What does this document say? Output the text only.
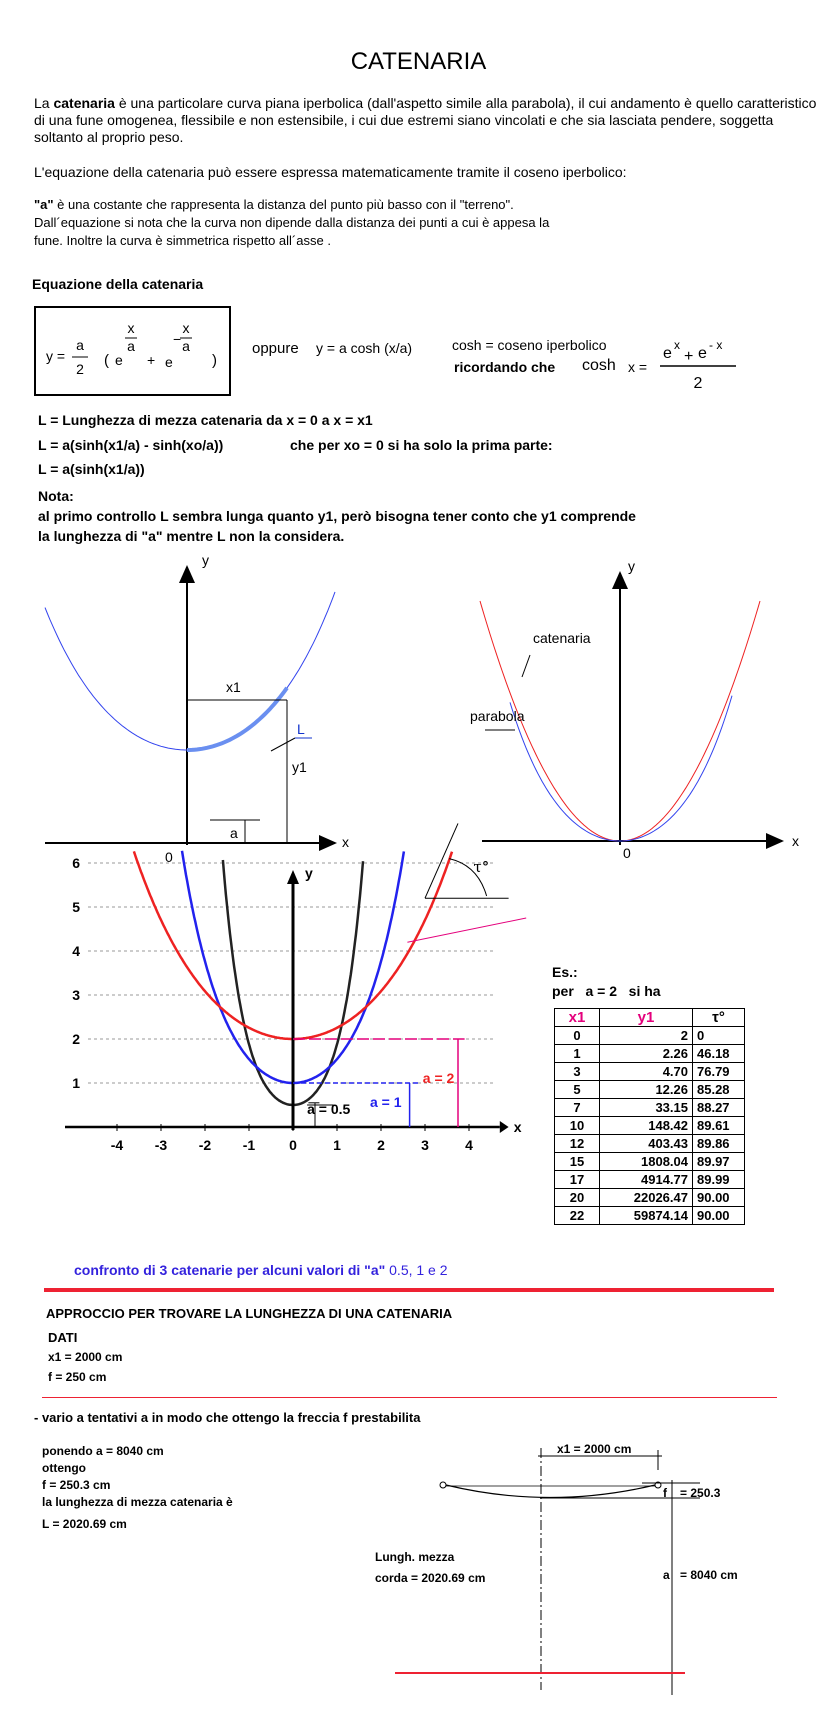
CATENARIA
La catenaria è una particolare curva piana iperbolica (dall'aspetto simile alla parabola), il cui andamento è quello caratteristico di una fune omogenea, flessibile e non estensibile, i cui due estremi siano vincolati e che sia lasciata pendere, soggetta soltanto al proprio peso.
L'equazione della catenaria può essere espressa matematicamente tramite il coseno iperbolico:
"a" è una costante che rappresenta la distanza del punto più basso con il "terreno".
Dall´equazione si nota che la curva non dipende dalla distanza dei punti a cui è appesa la
fune. Inoltre la curva è simmetrica rispetto all´asse .
Equazione della catenaria
y =
a
2 ( e
x
a
+ e
−
x
a
)
oppure y = a cosh (x/a)	cosh = coseno iperbolico
ricordando che cosh x =
e x
+ e - x
2
L = Lunghezza di mezza catenaria da x = 0 a x = x1
L = a(sinh(x1/a) - sinh(xo/a))	che per xo = 0 si ha solo la prima parte:
L = a(sinh(x1/a))
Nota:
al primo controllo L sembra lunga quanto y1, però bisogna tener conto che y1 comprende
la lunghezza di "a" mentre L non la considera.
y
x
0
x1
L
y1
a
y
x
0
catenaria
parabola
1
2
3
4
5
6
-4 -3 -2 -1 0	1	2	3	4
y
x
a = 0.5 a = 1
a = 2
τ°
confronto di 3 catenarie per alcuni valori di "a" 0.5, 1 e 2
Es.:
per   a = 2   si ha
x1	y1	τ°
0	2	0
1	2.26	46.18
3	4.70	76.79
5	12.26	85.28
7	33.15	88.27
10	148.42	89.61
12	403.43	89.86
15	1808.04	89.97
17	4914.77	89.99
20	22026.47	90.00
22	59874.14	90.00
APPROCCIO PER TROVARE LA LUNGHEZZA DI UNA CATENARIA
DATI
x1 = 2000 cm
f = 250 cm
- vario a tentativi a in modo che ottengo la freccia f prestabilita
ponendo a = 8040 cm
ottengo
f = 250.3 cm
la lunghezza di mezza catenaria è
L = 2020.69 cm
x1 = 2000 cm
f = 250.3
a = 8040 cm
Lungh. mezza
corda = 2020.69 cm
